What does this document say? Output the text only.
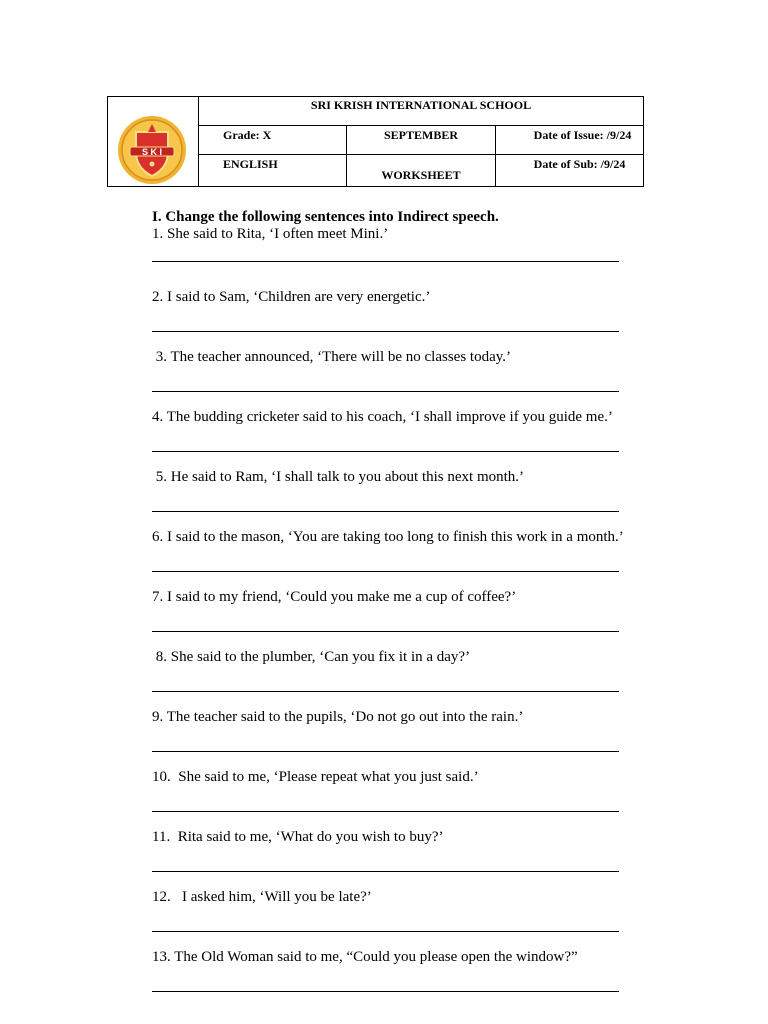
S K I	SRI KRISH INTERNATIONAL SCHOOL		
	Grade: X	SEPTEMBER	Date of Issue: /9/24
	ENGLISH	WORKSHEET	Date of Sub: /9/24

I. Change the following sentences into Indirect speech.

1. She said to Rita, ‘I often meet Mini.’
2. I said to Sam, ‘Children are very energetic.’
3. The teacher announced, ‘There will be no classes today.’
4. The budding cricketer said to his coach, ‘I shall improve if you guide me.’
5. He said to Ram, ‘I shall talk to you about this next month.’
6. I said to the mason, ‘You are taking too long to finish this work in a month.’
7. I said to my friend, ‘Could you make me a cup of coffee?’
8. She said to the plumber, ‘Can you fix it in a day?’
9. The teacher said to the pupils, ‘Do not go out into the rain.’
10.  She said to me, ‘Please repeat what you just said.’
11.  Rita said to me, ‘What do you wish to buy?’
12.   I asked him, ‘Will you be late?’
13. The Old Woman said to me, “Could you please open the window?”
